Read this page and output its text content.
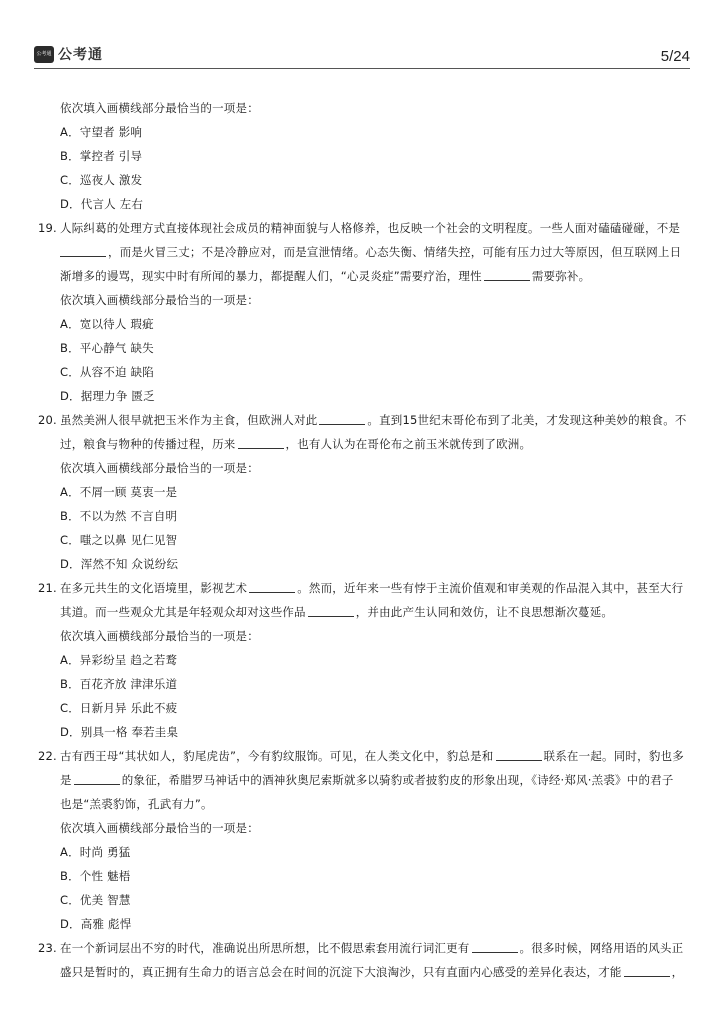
公考通 公考通	5/24
依次填入画横线部分最恰当的一项是：
A．守望者 影响
B．掌控者 引导
C．巡夜人 激发
D．代言人 左右
19. 人际纠葛的处理方式直接体现社会成员的精神面貌与人格修养，也反映一个社会的文明程度。一些人面对磕磕碰碰，不是
，而是火冒三丈；不是冷静应对，而是宣泄情绪。心态失衡、情绪失控，可能有压力过大等原因，但互联网上日
渐增多的谩骂，现实中时有所闻的暴力，都提醒人们，“心灵炎症”需要疗治，理性	需要弥补。
依次填入画横线部分最恰当的一项是：
A．宽以待人 瑕疵
B．平心静气 缺失
C．从容不迫 缺陷
D．据理力争 匮乏
20. 虽然美洲人很早就把玉米作为主食，但欧洲人对此	。直到15世纪末哥伦布到了北美，才发现这种美妙的粮食。不
过，粮食与物种的传播过程，历来	，也有人认为在哥伦布之前玉米就传到了欧洲。
依次填入画横线部分最恰当的一项是：
A．不屑一顾 莫衷一是
B．不以为然 不言自明
C．嗤之以鼻 见仁见智
D．浑然不知 众说纷纭
21. 在多元共生的文化语境里，影视艺术	。然而，近年来一些有悖于主流价值观和审美观的作品混入其中，甚至大行
其道。而一些观众尤其是年轻观众却对这些作品	，并由此产生认同和效仿，让不良思想渐次蔓延。
依次填入画横线部分最恰当的一项是：
A．异彩纷呈 趋之若鹜
B．百花齐放 津津乐道
C．日新月异 乐此不疲
D．别具一格 奉若圭臬
22. 古有西王母“其状如人，豹尾虎齿”，今有豹纹服饰。可见，在人类文化中，豹总是和	联系在一起。同时，豹也多
是	的象征，希腊罗马神话中的酒神狄奥尼索斯就多以骑豹或者披豹皮的形象出现，《诗经·郑风·羔裘》中的君子
也是“羔裘豹饰，孔武有力”。
依次填入画横线部分最恰当的一项是：
A．时尚 勇猛
B．个性 魅梧
C．优美 智慧
D．高雅 彪悍
23. 在一个新词层出不穷的时代，准确说出所思所想，比不假思索套用流行词汇更有	。很多时候，网络用语的风头正
盛只是暂时的，真正拥有生命力的语言总会在时间的沉淀下大浪淘沙，只有直面内心感受的差异化表达，才能	，
